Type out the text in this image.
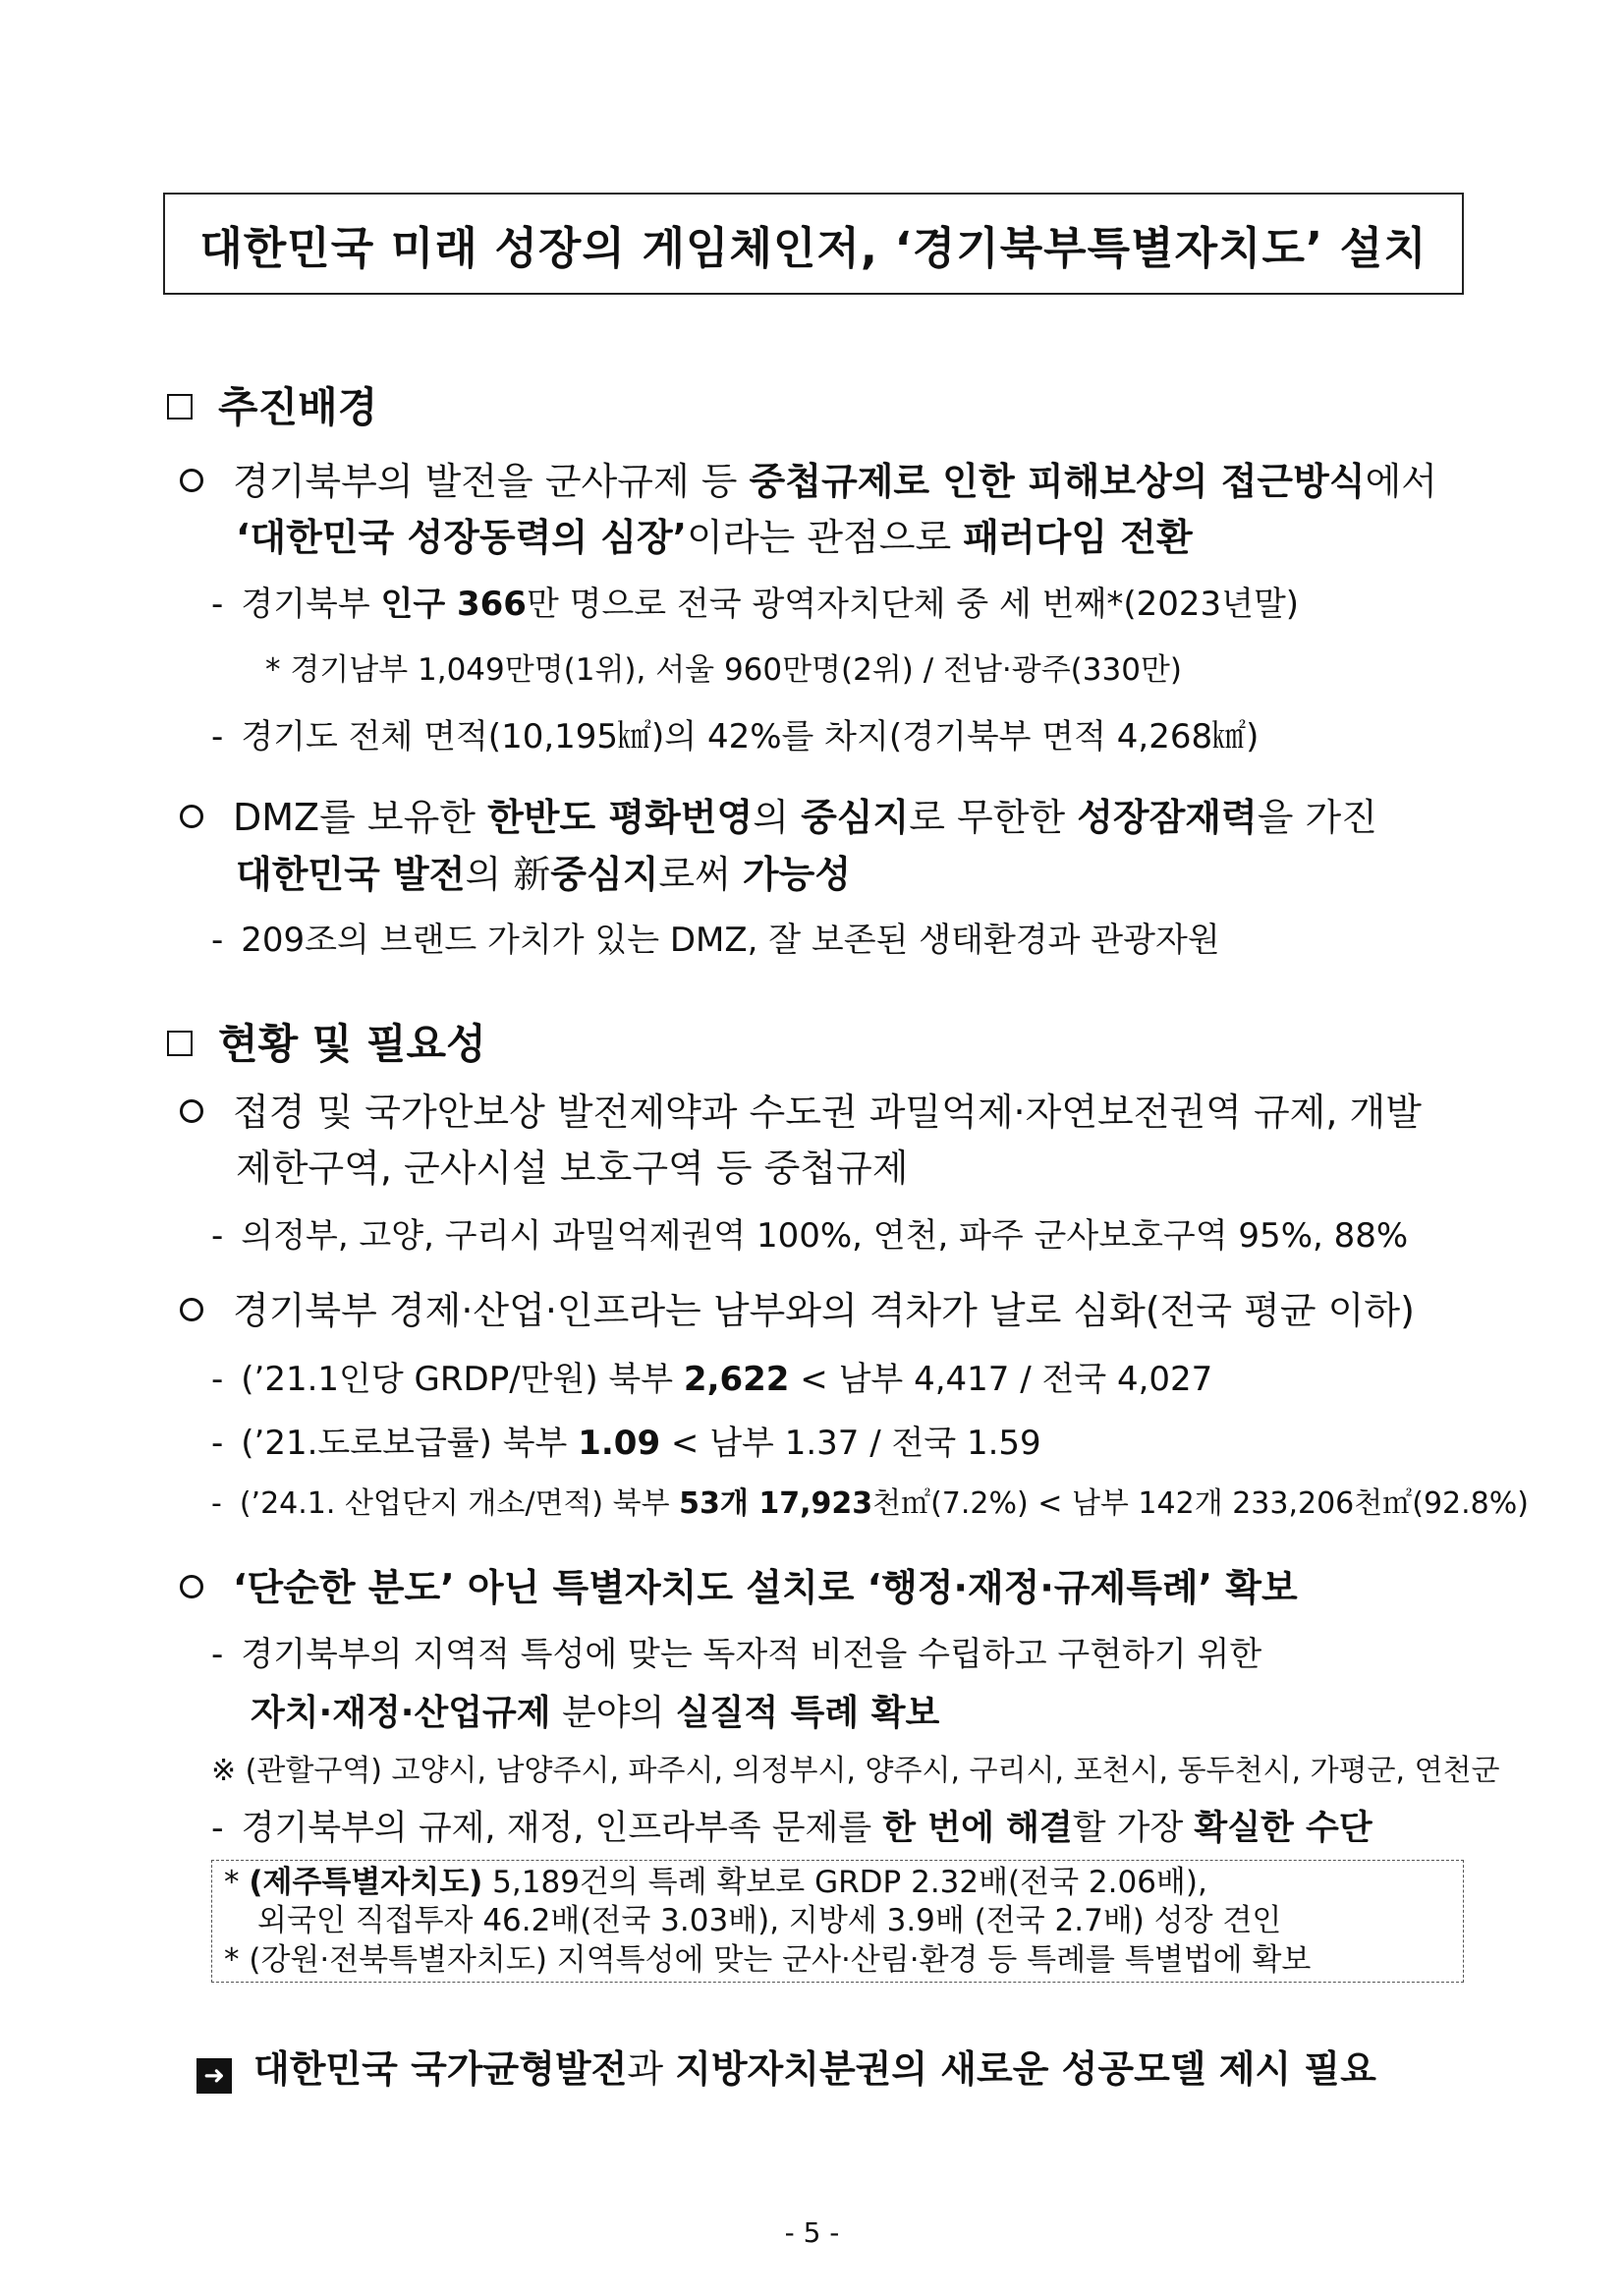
대한민국 미래 성장의 게임체인저, ‘경기북부특별자치도’ 설치
추진배경
경기북부의 발전을 군사규제 등 중첩규제로 인한 피해보상의 접근방식에서
‘대한민국 성장동력의 심장’이라는 관점으로 패러다임 전환
- 경기북부 인구 366만 명으로 전국 광역자치단체 중 세 번째*(2023년말)
* 경기남부 1,049만명(1위), 서울 960만명(2위) / 전남·광주(330만)
- 경기도 전체 면적(10,195㎢)의 42%를 차지(경기북부 면적 4,268㎢)
DMZ를 보유한 한반도 평화번영의 중심지로 무한한 성장잠재력을 가진
대한민국 발전의 新중심지로써 가능성
- 209조의 브랜드 가치가 있는 DMZ, 잘 보존된 생태환경과 관광자원
현황 및 필요성
접경 및 국가안보상 발전제약과 수도권 과밀억제·자연보전권역 규제, 개발
제한구역, 군사시설 보호구역 등 중첩규제
- 의정부, 고양, 구리시 과밀억제권역 100%, 연천, 파주 군사보호구역 95%, 88%
경기북부 경제·산업·인프라는 남부와의 격차가 날로 심화(전국 평균 이하)
- (’21.1인당 GRDP/만원) 북부 2,622 < 남부 4,417 / 전국 4,027
- (’21.도로보급률) 북부 1.09 < 남부 1.37 / 전국 1.59
- (’24.1. 산업단지 개소/면적) 북부 53개 17,923천㎡(7.2%) < 남부 142개 233,206천㎡(92.8%)
‘단순한 분도’ 아닌 특별자치도 설치로 ‘행정·재정·규제특례’ 확보
- 경기북부의 지역적 특성에 맞는 독자적 비전을 수립하고 구현하기 위한
자치·재정·산업규제 분야의 실질적 특례 확보
※ (관할구역) 고양시, 남양주시, 파주시, 의정부시, 양주시, 구리시, 포천시, 동두천시, 가평군, 연천군
- 경기북부의 규제, 재정, 인프라부족 문제를 한 번에 해결할 가장 확실한 수단
* (제주특별자치도) 5,189건의 특례 확보로 GRDP 2.32배(전국 2.06배),
외국인 직접투자 46.2배(전국 3.03배), 지방세 3.9배 (전국 2.7배) 성장 견인
* (강원·전북특별자치도) 지역특성에 맞는 군사·산림·환경 등 특례를 특별법에 확보
➜ 대한민국 국가균형발전과 지방자치분권의 새로운 성공모델 제시 필요
- 5 -
